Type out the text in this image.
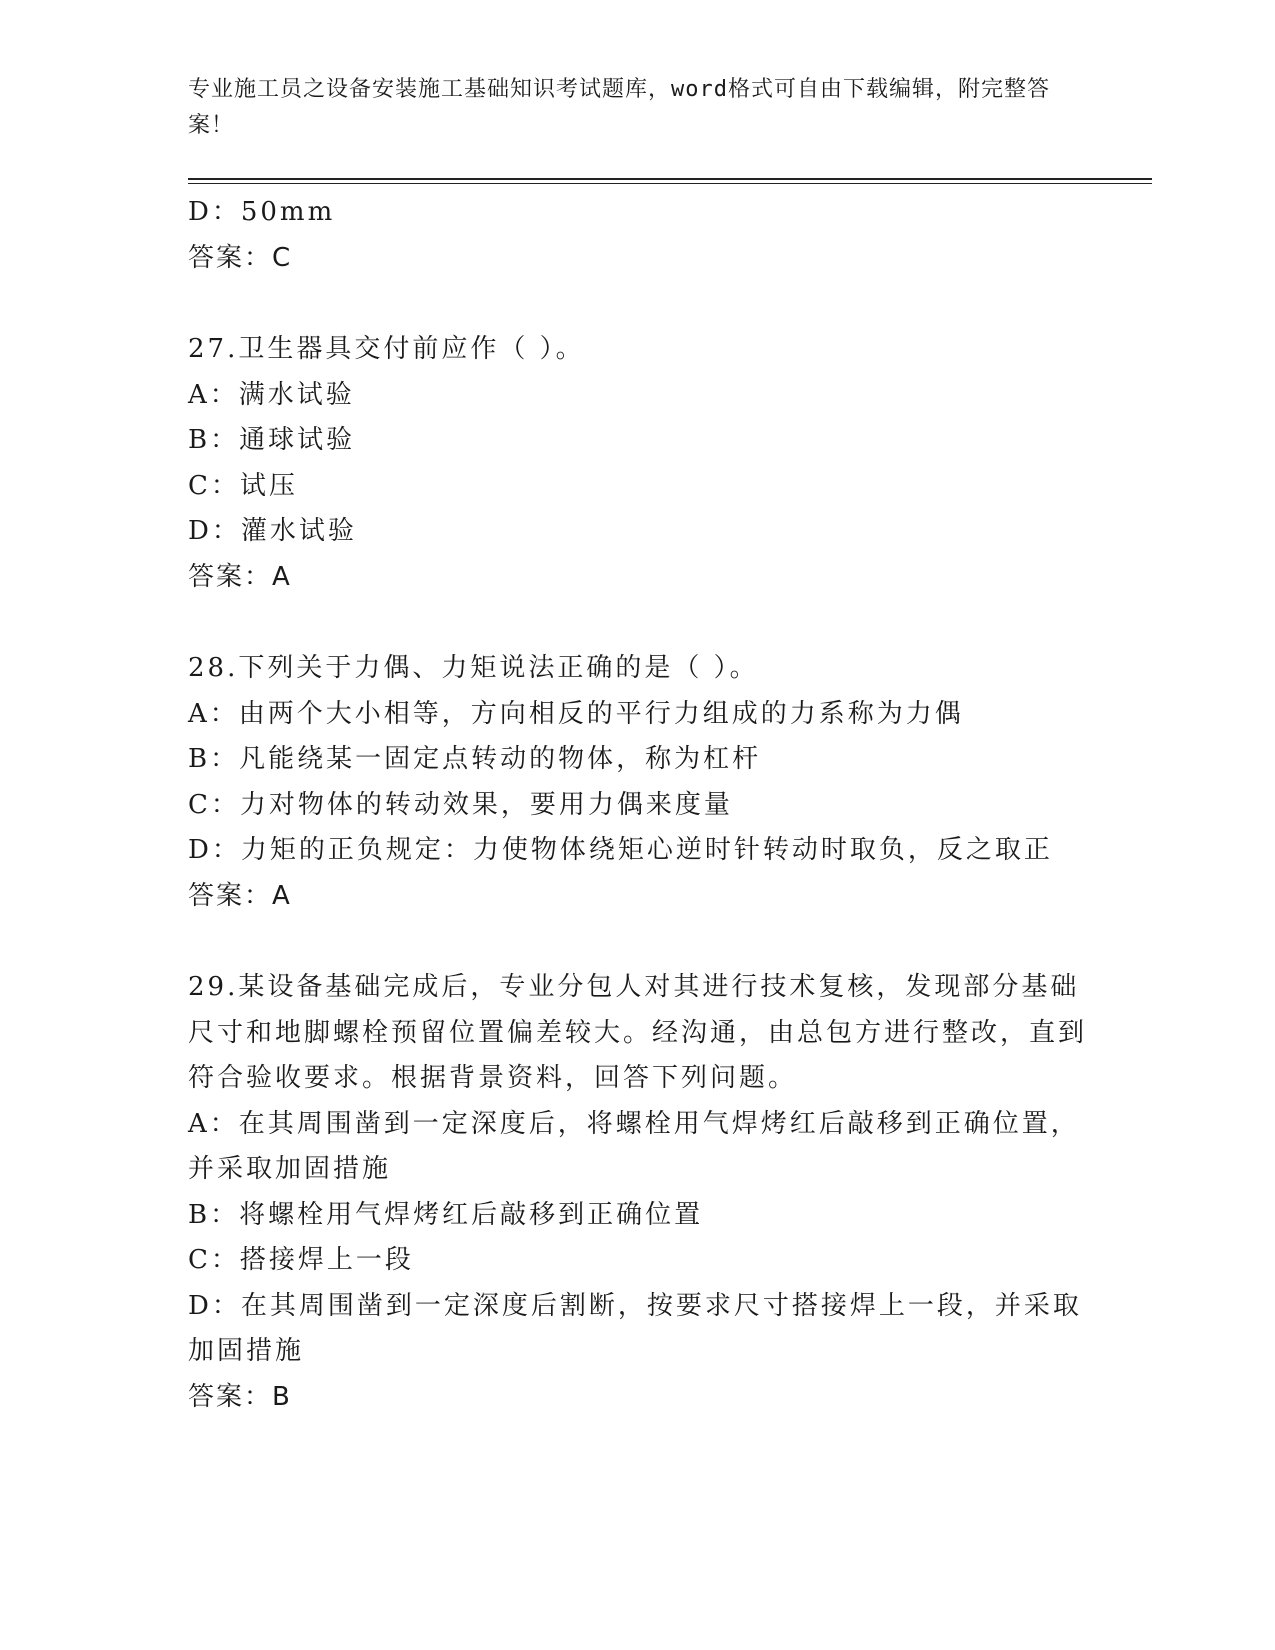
专业施工员之设备安装施工基础知识考试题库，word格式可自由下载编辑，附完整答案！
D：50mm
答案：C
27.卫生器具交付前应作（ ）。
A：满水试验
B：通球试验
C：试压
D：灌水试验
答案：A
28.下列关于力偶、力矩说法正确的是（ ）。
A：由两个大小相等，方向相反的平行力组成的力系称为力偶
B：凡能绕某一固定点转动的物体，称为杠杆
C：力对物体的转动效果，要用力偶来度量
D：力矩的正负规定：力使物体绕矩心逆时针转动时取负，反之取正
答案：A
29.某设备基础完成后，专业分包人对其进行技术复核，发现部分基础尺寸和地脚螺栓预留位置偏差较大。经沟通，由总包方进行整改，直到符合验收要求。根据背景资料，回答下列问题。
A：在其周围凿到一定深度后，将螺栓用气焊烤红后敲移到正确位置，并采取加固措施
B：将螺栓用气焊烤红后敲移到正确位置
C：搭接焊上一段
D：在其周围凿到一定深度后割断，按要求尺寸搭接焊上一段，并采取加固措施
答案：B
